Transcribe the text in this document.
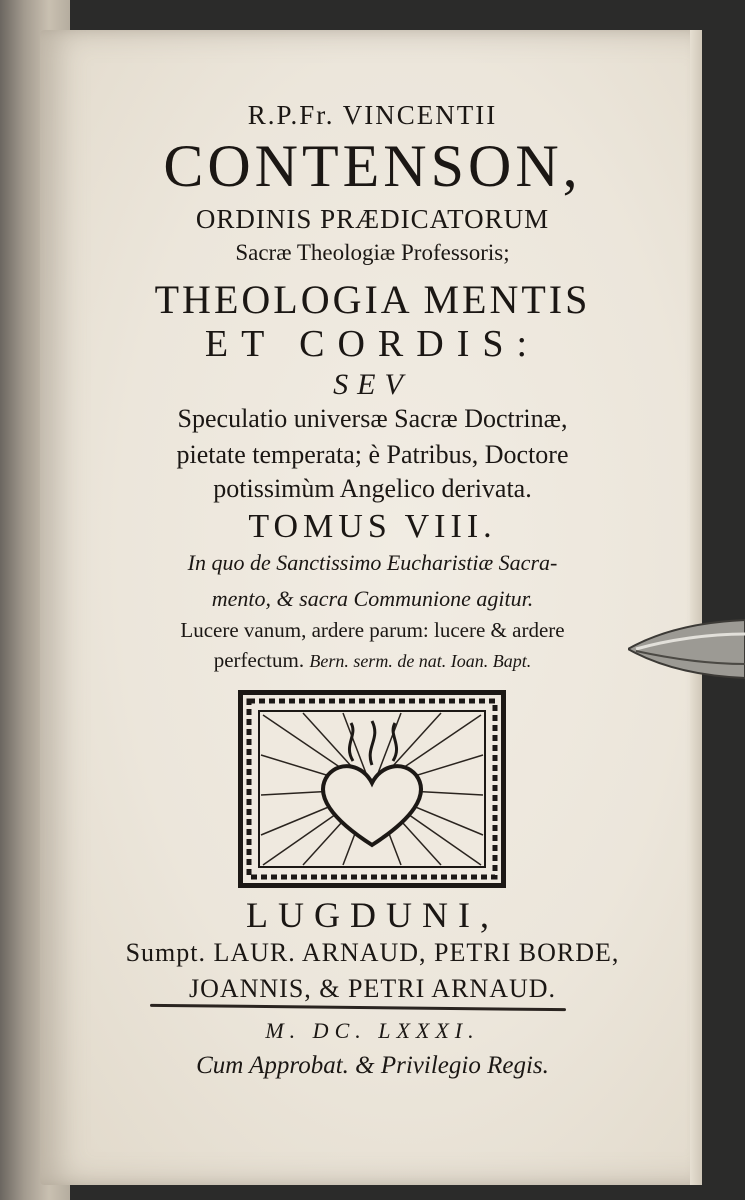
R.P.Fr. VINCENTII
CONTENSON,
ORDINIS PRÆDICATORUM
Sacræ Theologiæ Professoris;
THEOLOGIA MENTIS
ET CORDIS:
SEV
Speculatio universæ Sacræ Doctrinæ,
pietate temperata; è Patribus, Doctore
potissimùm Angelico derivata.
TOMUS VIII.
In quo de Sanctissimo Eucharistiæ Sacra-
mento, & sacra Communione agitur.
Lucere vanum, ardere parum: lucere & ardere
perfectum. Bern. serm. de nat. Ioan. Bapt.
LUGDUNI,
Sumpt. LAUR. ARNAUD, PETRI BORDE,
JOANNIS, & PETRI ARNAUD.
M. DC. LXXXI.
Cum Approbat. & Privilegio Regis.
